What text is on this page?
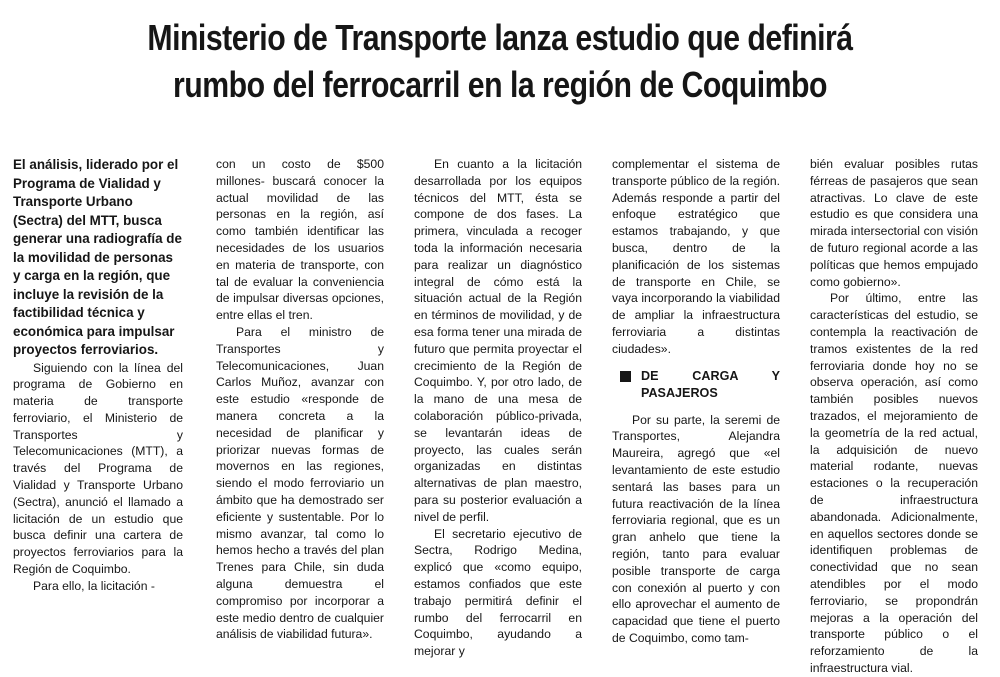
Ministerio de Transporte lanza estudio que definirá
rumbo del ferrocarril en la región de Coquimbo

El análisis, liderado por el Programa de Vialidad y Transporte Urbano (Sectra) del MTT, busca generar una radiografía de la movilidad de personas y carga en la región, que incluye la revisión de la factibilidad técnica y económica para impulsar proyectos ferroviarios.

Siguiendo con la línea del programa de Gobierno en materia de transporte ferroviario, el Ministerio de Transportes y Telecomunicaciones (MTT), a través del Programa de Vialidad y Transporte Urbano (Sectra), anunció el llamado a licitación de un estudio que busca definir una cartera de proyectos ferroviarios para la Región de Coquimbo.

Para ello, la licitación -

con un costo de $500 millones- buscará conocer la actual movilidad de las personas en la región, así como también identificar las necesidades de los usuarios en materia de transporte, con tal de evaluar la conveniencia de impulsar diversas opciones, entre ellas el tren.

Para el ministro de Transportes y Telecomunicaciones, Juan Carlos Muñoz, avanzar con este estudio «responde de manera concreta a la necesidad de planificar y priorizar nuevas formas de movernos en las regiones, siendo el modo ferroviario un ámbito que ha demostrado ser eficiente y sustentable. Por lo mismo avanzar, tal como lo hemos hecho a través del plan Trenes para Chile, sin duda alguna demuestra el compromiso por incorporar a este medio dentro de cualquier análisis de viabilidad futura».

En cuanto a la licitación desarrollada por los equipos técnicos del MTT, ésta se compone de dos fases. La primera, vinculada a recoger toda la información necesaria para realizar un diagnóstico integral de cómo está la situación actual de la Región en términos de movilidad, y de esa forma tener una mirada de futuro que permita proyectar el crecimiento de la Región de Coquimbo. Y, por otro lado, de la mano de una mesa de colaboración público-privada, se levantarán ideas de proyecto, las cuales serán organizadas en distintas alternativas de plan maestro, para su posterior evaluación a nivel de perfil.

El secretario ejecutivo de Sectra, Rodrigo Medina, explicó que «como equipo, estamos confiados que este trabajo permitirá definir el rumbo del ferrocarril en Coquimbo, ayudando a mejorar y

complementar el sistema de transporte público de la región. Además responde a partir del enfoque estratégico que estamos trabajando, y que busca, dentro de la planificación de los sistemas de transporte en Chile, se vaya incorporando la viabilidad de ampliar la infraestructura ferroviaria a distintas ciudades».

DE CARGA Y PASAJEROS

Por su parte, la seremi de Transportes, Alejandra Maureira, agregó que «el levantamiento de este estudio sentará las bases para un futura reactivación de la línea ferroviaria regional, que es un gran anhelo que tiene la región, tanto para evaluar posible transporte de carga con conexión al puerto y con ello aprovechar el aumento de capacidad que tiene el puerto de Coquimbo, como tam-

bién evaluar posibles rutas férreas de pasajeros que sean atractivas. Lo clave de este estudio es que considera una mirada intersectorial con visión de futuro regional acorde a las políticas que hemos empujado como gobierno».

Por último, entre las características del estudio, se contempla la reactivación de tramos existentes de la red ferroviaria donde hoy no se observa operación, así como también posibles nuevos trazados, el mejoramiento de la geometría de la red actual, la adquisición de nuevo material rodante, nuevas estaciones o la recuperación de infraestructura abandonada. Adicionalmente, en aquellos sectores donde se identifiquen problemas de conectividad que no sean atendibles por el modo ferroviario, se propondrán mejoras a la operación del transporte público o el reforzamiento de la infraestructura vial.
